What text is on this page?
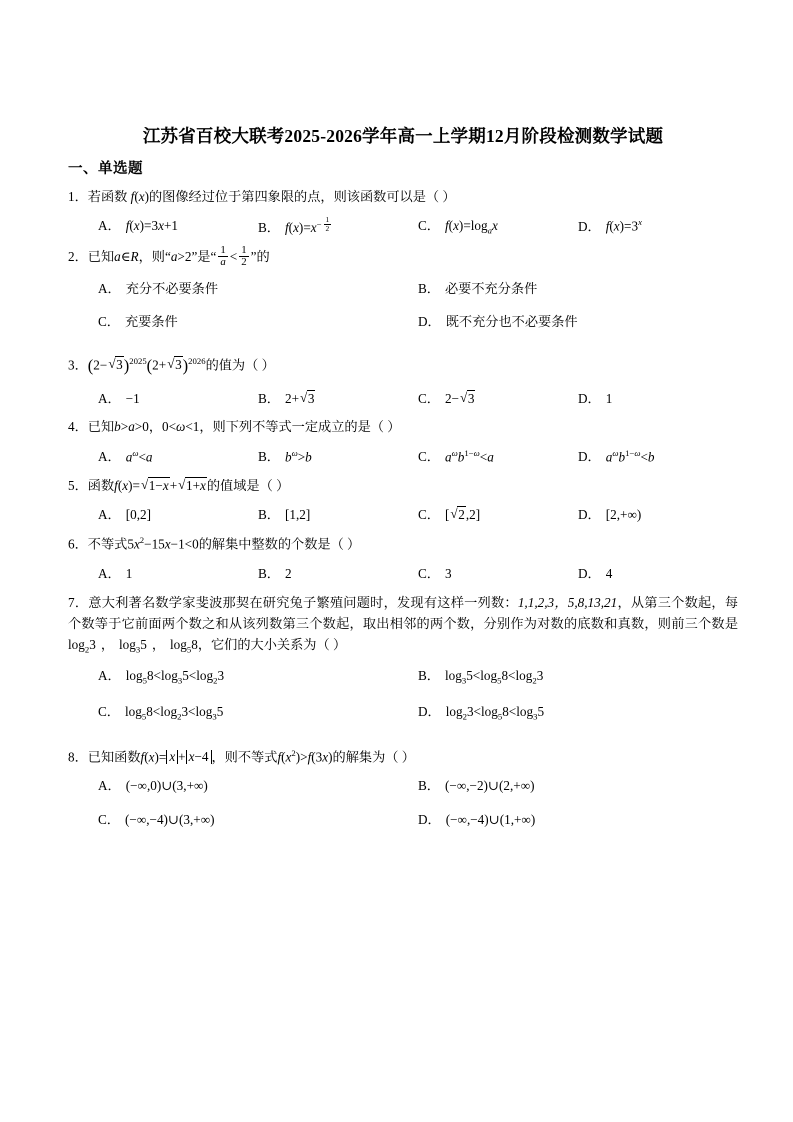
江苏省百校大联考2025-2026学年高一上学期12月阶段检测数学试题
一、单选题
1．若函数 f(x)的图像经过位于第四象限的点，则该函数可以是（ ）
A． f(x)=3x+1	B． $f(x)=x^{- \frac{1}{2}}$	C． $f(x)=\log_ax$	D． $f(x)=3^x$
2．已知a∈R，则“a>2”是“ $\frac{1}{a} < \frac{1}{2}$ ”的
A． 充分不必要条件	B． 必要不充分条件
C． 充要条件	D． 既不充分也不必要条件
3．(2− √ 3)$^{2025}$(2+ √ 3)$^{2026}$的值为（ ）
A． −1	B． 2+ √ 3	C． 2− √ 3	D． 1
4．已知b>a>0，0<ω<1，则下列不等式一定成立的是（ ）
A． $a^\omega<a$	B． $b^\omega>b$	C． $a^\omega b^{1-\omega}<a$	D． $a^\omega b^{1-\omega}<b$
5．函数f(x)= √ 1−x+ √ 1+x的值域是（ ）
A． [0,2]	B． [1,2]	C． [ √ 2,2]	D． [2,+∞)
6．不等式$5x^2-15x-1<0$的解集中整数的个数是（ ）
A． 1	B． 2	C． 3	D． 4
7．意大利著名数学家斐波那契在研究兔子繁殖问题时，发现有这样一列数：1,1,2,3，5,8,13,21，从第三个数起，每个数等于它前面两个数之和从该列数第三个数起，取出相邻的两个数，分别作为对数的底数和真数，则前三个数是$\log_23$ ， $\log_35$ ， $\log_58$，它们的大小关系为（ ）
A． $\log_58<\log_35<\log_23$	B． $\log_35<\log_58<\log_23$
C． $\log_58<\log_23<\log_35$	D． $\log_23<\log_58<\log_35$
8．已知函数f(x)= x + x−4 ，则不等式$f(x^2)>f(3x)$的解集为（ ）
A． (−∞,0)∪(3,+∞)	B． (−∞,−2)∪(2,+∞)
C． (−∞,−4)∪(3,+∞)	D． (−∞,−4)∪(1,+∞)
